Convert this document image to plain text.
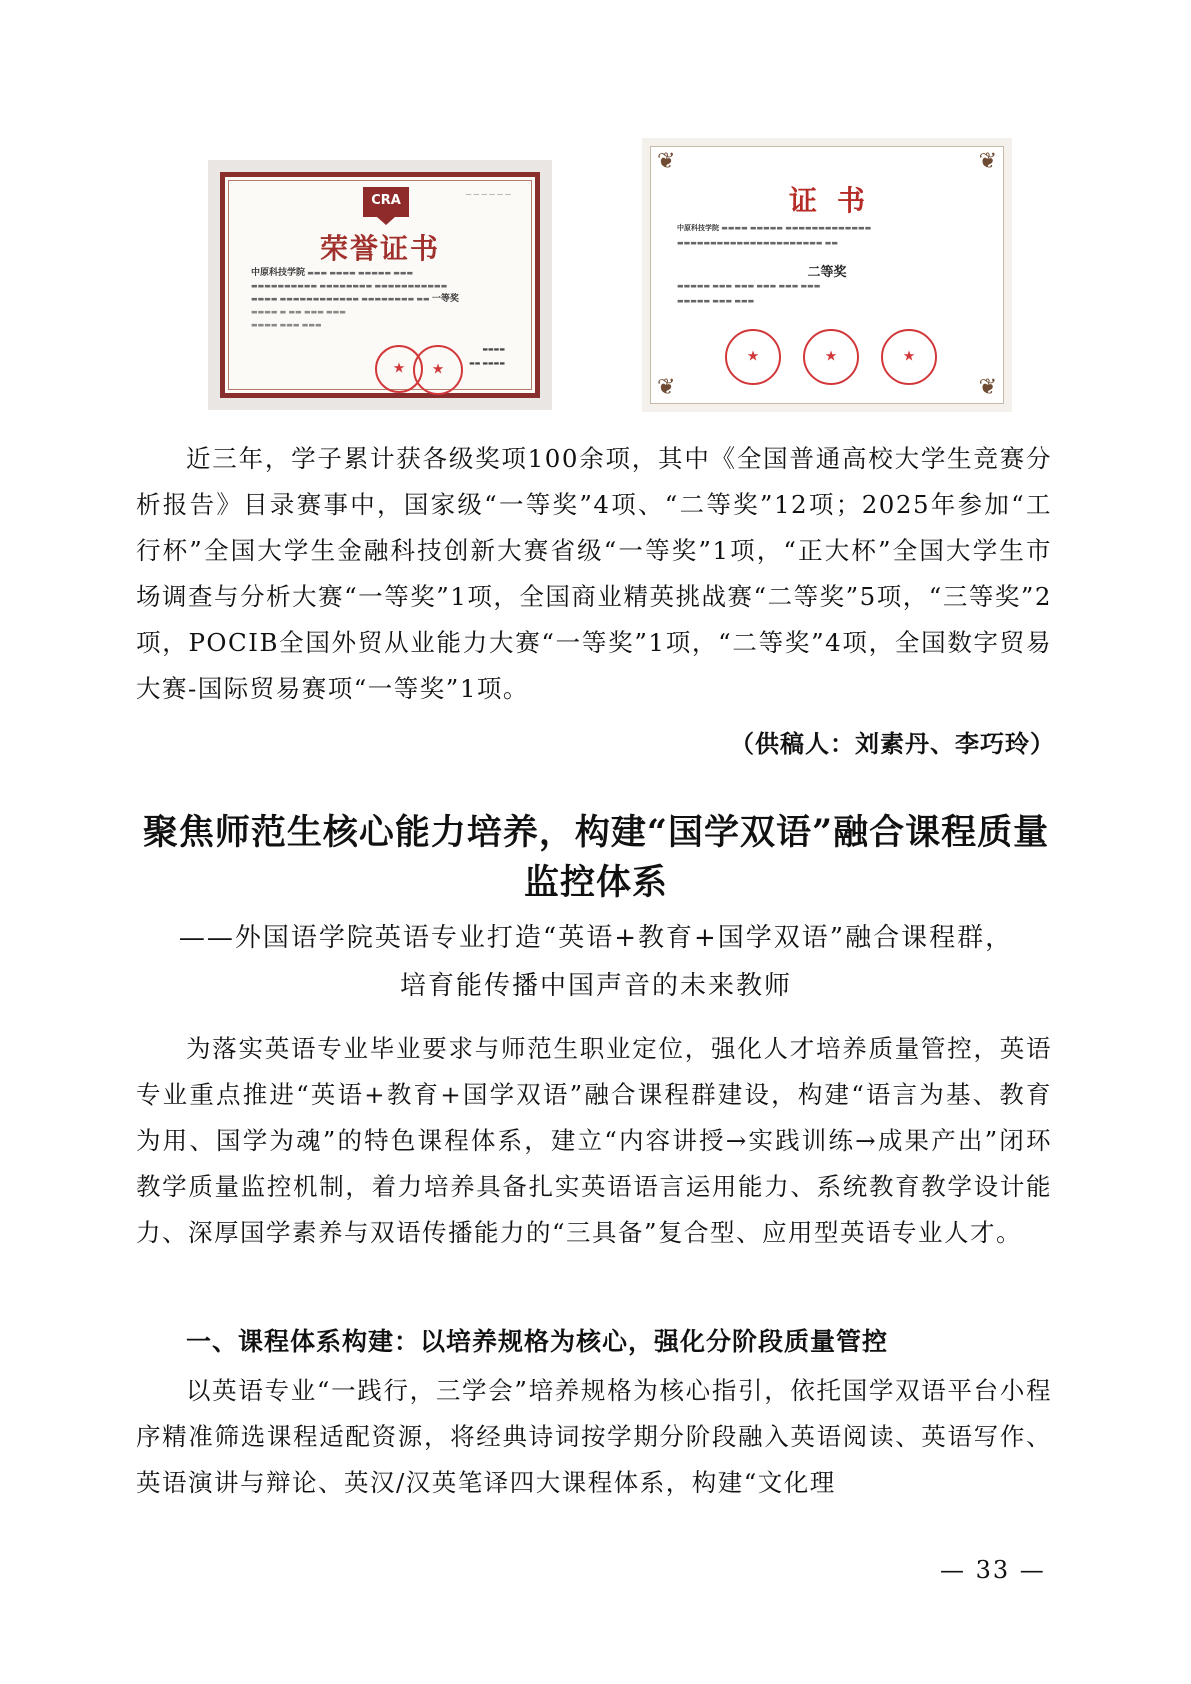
CRA	— — — — — —
荣誉证书
中原科技学院 ▬▬▬ ▬▬▬▬ ▬▬▬▬▬ ▬▬▬
▬▬▬▬▬▬▬▬▬▬ ▬▬▬▬▬▬▬▬ ▬▬▬▬▬▬▬▬▬▬▬
▬▬▬▬ ▬▬▬▬▬▬▬▬▬▬▬▬ ▬▬▬▬▬▬▬▬ ▬▬ 一等奖
▬▬▬▬ ▬ ▬▬ ▬▬▬ ▬▬▬
▬▬▬▬ ▬▬▬ ▬▬▬
★
★
▬▬▬▬
▬▬ ▬▬▬▬
❦	❦
❦	❦
证书
中原科技学院 ▬▬▬▬ ▬▬▬▬▬ ▬▬▬▬▬▬▬▬▬▬▬▬▬
▬▬▬▬▬▬▬▬▬▬▬▬▬▬▬▬▬▬▬▬▬▬ ▬▬
二等奖
▬▬▬▬▬ ▬▬▬ ▬▬▬ ▬▬▬ ▬▬▬ ▬▬▬
▬▬▬▬▬ ▬▬▬ ▬▬▬
★
★
★

近三年，学子累计获各级奖项100余项，其中《全国普通高校大学生竞赛分析报告》目录赛事中，国家级“一等奖”4项、“二等奖”12项；2025年参加“工行杯”全国大学生金融科技创新大赛省级“一等奖”1项，“正大杯”全国大学生市场调查与分析大赛“一等奖”1项，全国商业精英挑战赛“二等奖”5项，“三等奖”2项，POCIB全国外贸从业能力大赛“一等奖”1项，“二等奖”4项，全国数字贸易大赛-国际贸易赛项“一等奖”1项。

（供稿人：刘素丹、李巧玲）
聚焦师范生核心能力培养，构建“国学双语”融合课程质量
监控体系
——外国语学院英语专业打造“英语+教育+国学双语”融合课程群，
培育能传播中国声音的未来教师

为落实英语专业毕业要求与师范生职业定位，强化人才培养质量管控，英语专业重点推进“英语+教育+国学双语”融合课程群建设，构建“语言为基、教育为用、国学为魂”的特色课程体系，建立“内容讲授→实践训练→成果产出”闭环教学质量监控机制，着力培养具备扎实英语语言运用能力、系统教育教学设计能力、深厚国学素养与双语传播能力的“三具备”复合型、应用型英语专业人才。

一、课程体系构建：以培养规格为核心，强化分阶段质量管控

以英语专业“一践行，三学会”培养规格为核心指引，依托国学双语平台小程序精准筛选课程适配资源，将经典诗词按学期分阶段融入英语阅读、英语写作、英语演讲与辩论、英汉/汉英笔译四大课程体系，构建“文化理

— 33 —
